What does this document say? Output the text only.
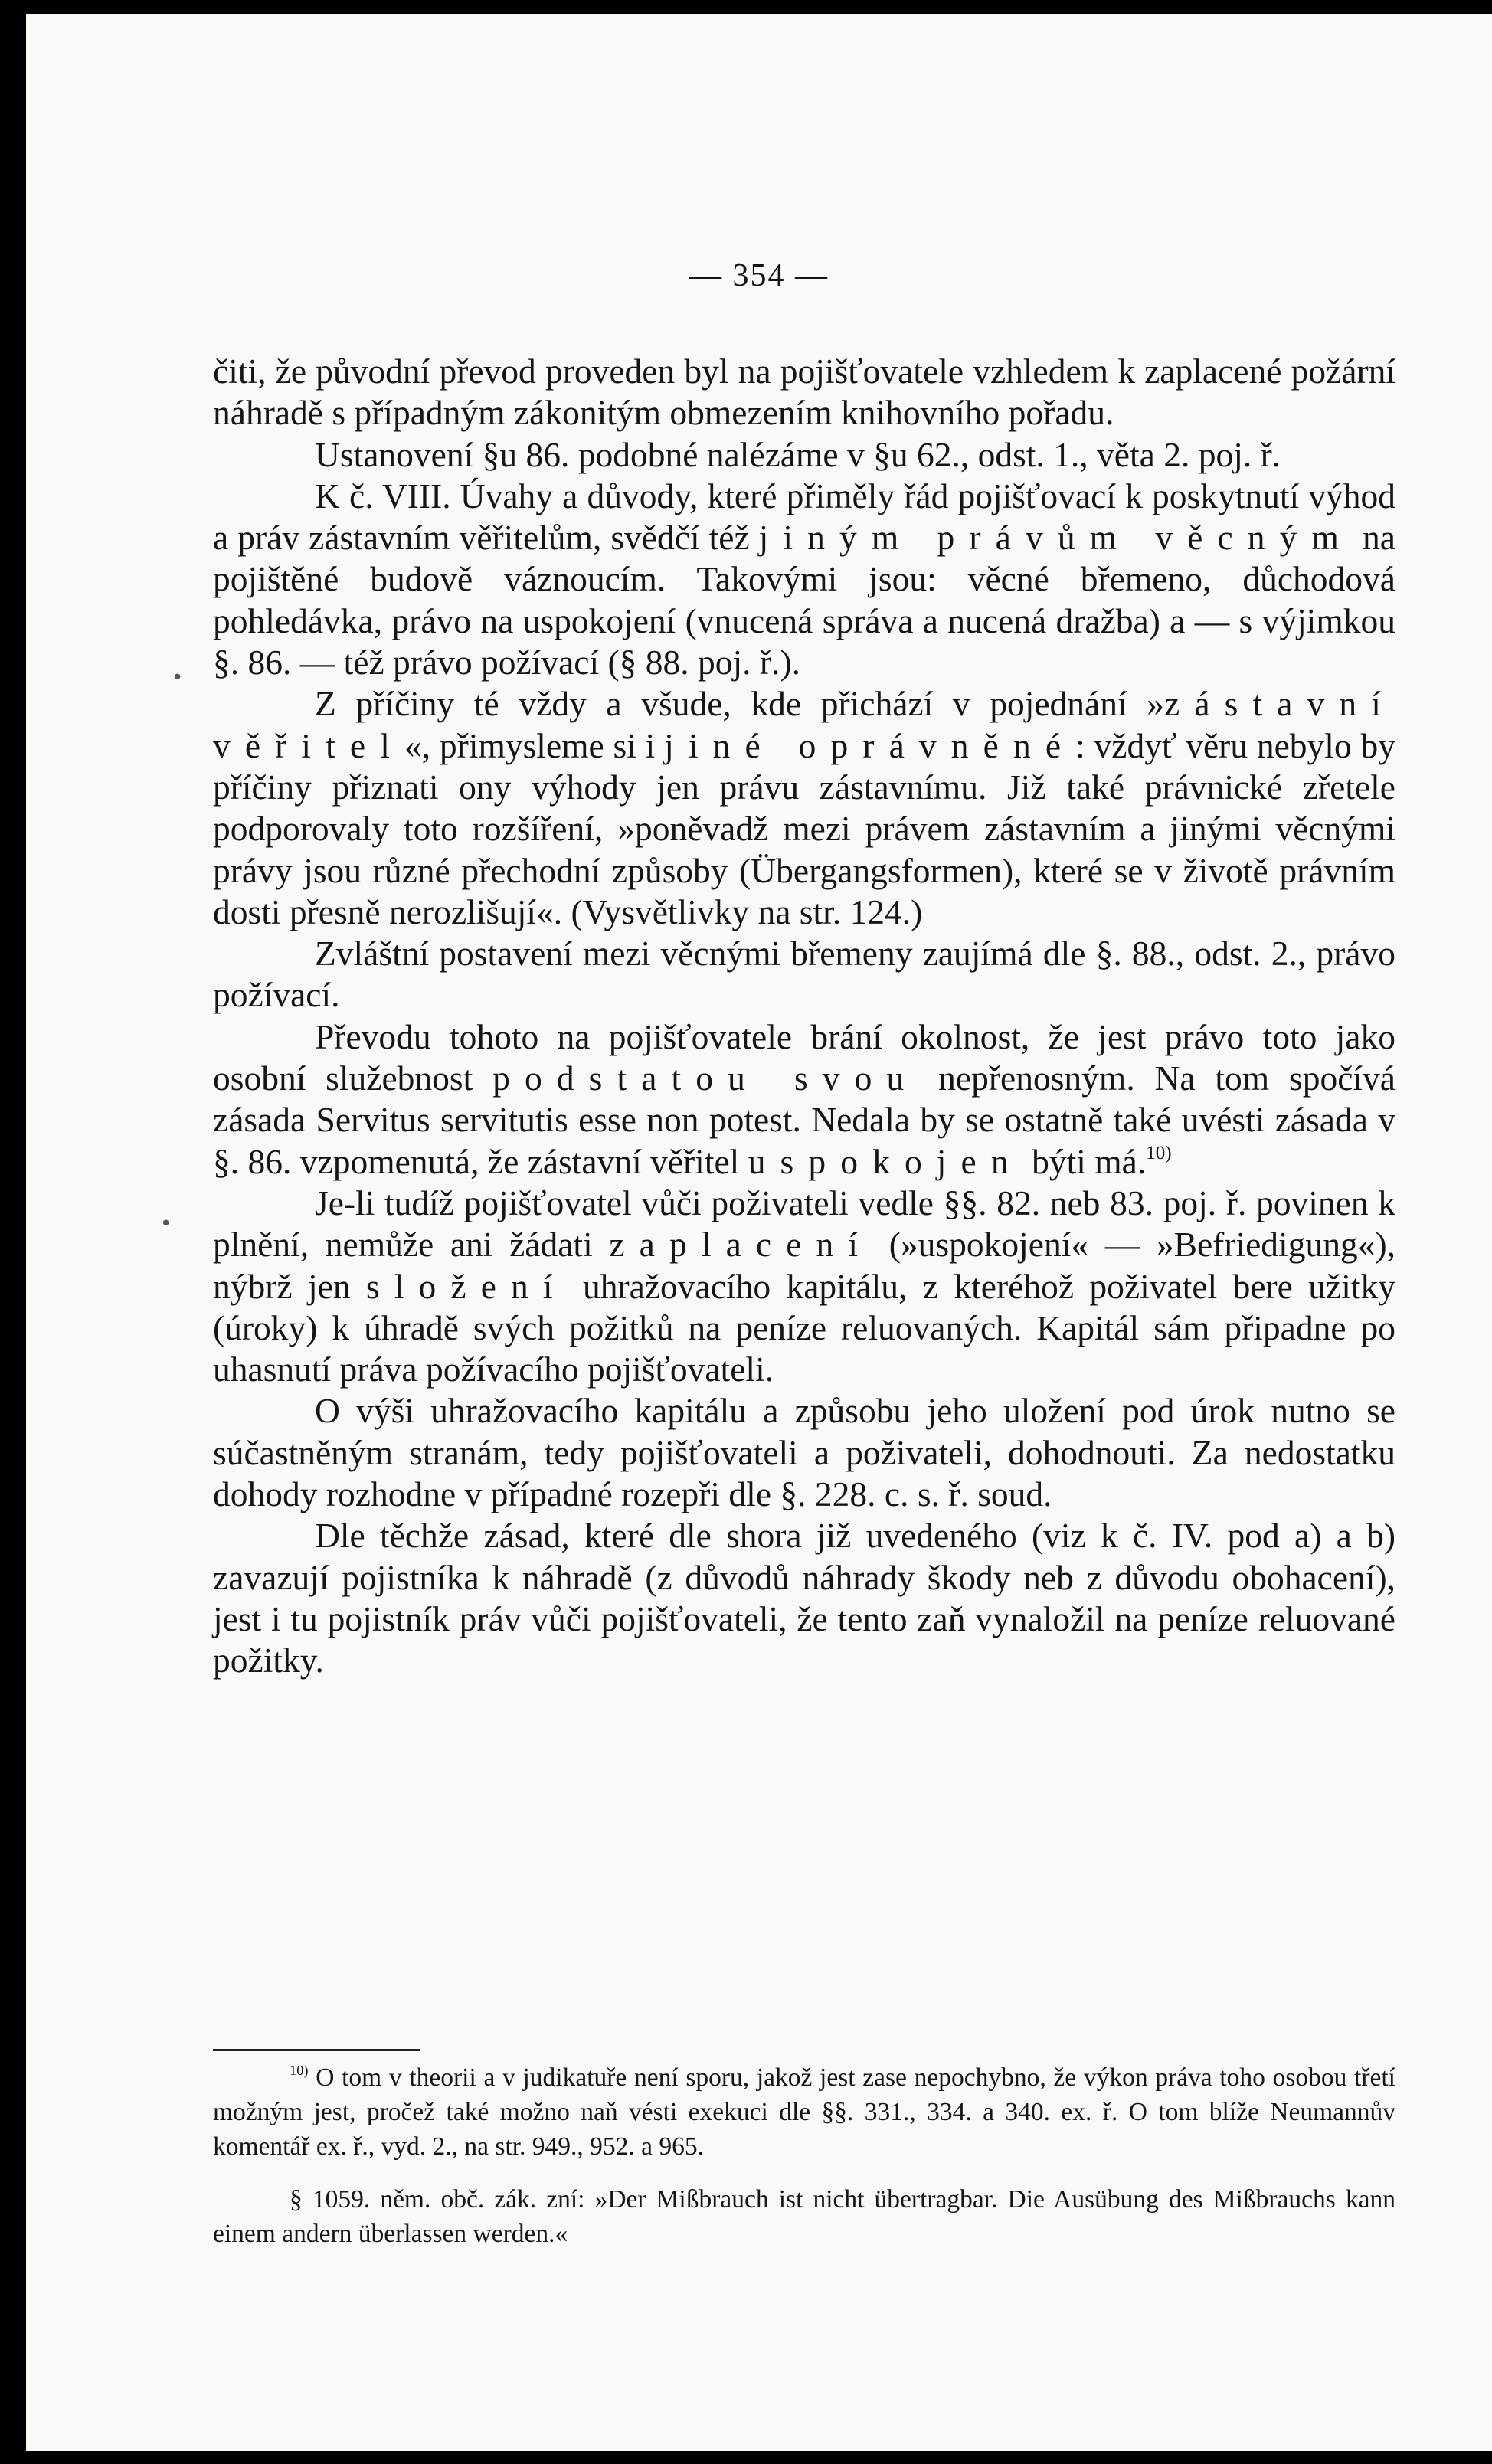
— 354 —

čiti, že původní převod proveden byl na pojišťovatele vzhledem k zaplacené požární náhradě s případným zákonitým obmezením knihovního pořadu.

Ustanovení §u 86. podobné nalézáme v §u 62., odst. 1., věta 2. poj. ř.

K č. VIII. Úvahy a důvody, které přiměly řád pojišťovací k poskytnutí výhod a práv zástavním věřitelům, svědčí též jiným právům věcným na pojištěné budově váznoucím. Takovými jsou: věcné břemeno, důchodová pohledávka, právo na uspokojení (vnucená správa a nucená dražba) a — s výjimkou §. 86. — též právo požívací (§ 88. poj. ř.).

Z příčiny té vždy a všude, kde přichází v pojednání »zástavní věřitel«, přimysleme si i jiné oprávněné: vždyť věru nebylo by příčiny přiznati ony výhody jen právu zástavnímu. Již také právnické zřetele podporovaly toto rozšíření, »poněvadž mezi právem zástavním a jinými věcnými právy jsou různé přechodní způsoby (Übergangsformen), které se v životě právním dosti přesně nerozlišují«. (Vysvětlivky na str. 124.)

Zvláštní postavení mezi věcnými břemeny zaujímá dle §. 88., odst. 2., právo požívací.

Převodu tohoto na pojišťovatele brání okolnost, že jest právo toto jako osobní služebnost podstatou svou nepřenosným. Na tom spočívá zásada Servitus servitutis esse non potest. Nedala by se ostatně také uvésti zásada v §. 86. vzpomenutá, že zástavní věřitel uspokojen býti má.$^{10)}$

Je-li tudíž pojišťovatel vůči poživateli vedle §§. 82. neb 83. poj. ř. povinen k plnění, nemůže ani žádati zaplacení (»uspokojení« — »Befriedigung«), nýbrž jen složení uhražovacího kapitálu, z kteréhož poživatel bere užitky (úroky) k úhradě svých požitků na peníze reluovaných. Kapitál sám připadne po uhasnutí práva požívacího pojišťovateli.

O výši uhražovacího kapitálu a způsobu jeho uložení pod úrok nutno se súčastněným stranám, tedy pojišťovateli a poživateli, dohodnouti. Za nedostatku dohody rozhodne v případné rozepři dle §. 228. c. s. ř. soud.

Dle těchže zásad, které dle shora již uvedeného (viz k č. IV. pod a) a b) zavazují pojistníka k náhradě (z důvodů náhrady škody neb z důvodu obohacení), jest i tu pojistník práv vůči pojišťovateli, že tento zaň vynaložil na peníze reluované požitky.

$^{10)}$ O tom v theorii a v judikatuře není sporu, jakož jest zase nepochybno, že výkon práva toho osobou třetí možným jest, pročež také možno naň vésti exekuci dle §§. 331., 334. a 340. ex. ř. O tom blíže Neumannův komentář ex. ř., vyd. 2., na str. 949., 952. a 965.

§ 1059. něm. obč. zák. zní: »Der Mißbrauch ist nicht übertragbar. Die Ausübung des Mißbrauchs kann einem andern überlassen werden.«

•
•
